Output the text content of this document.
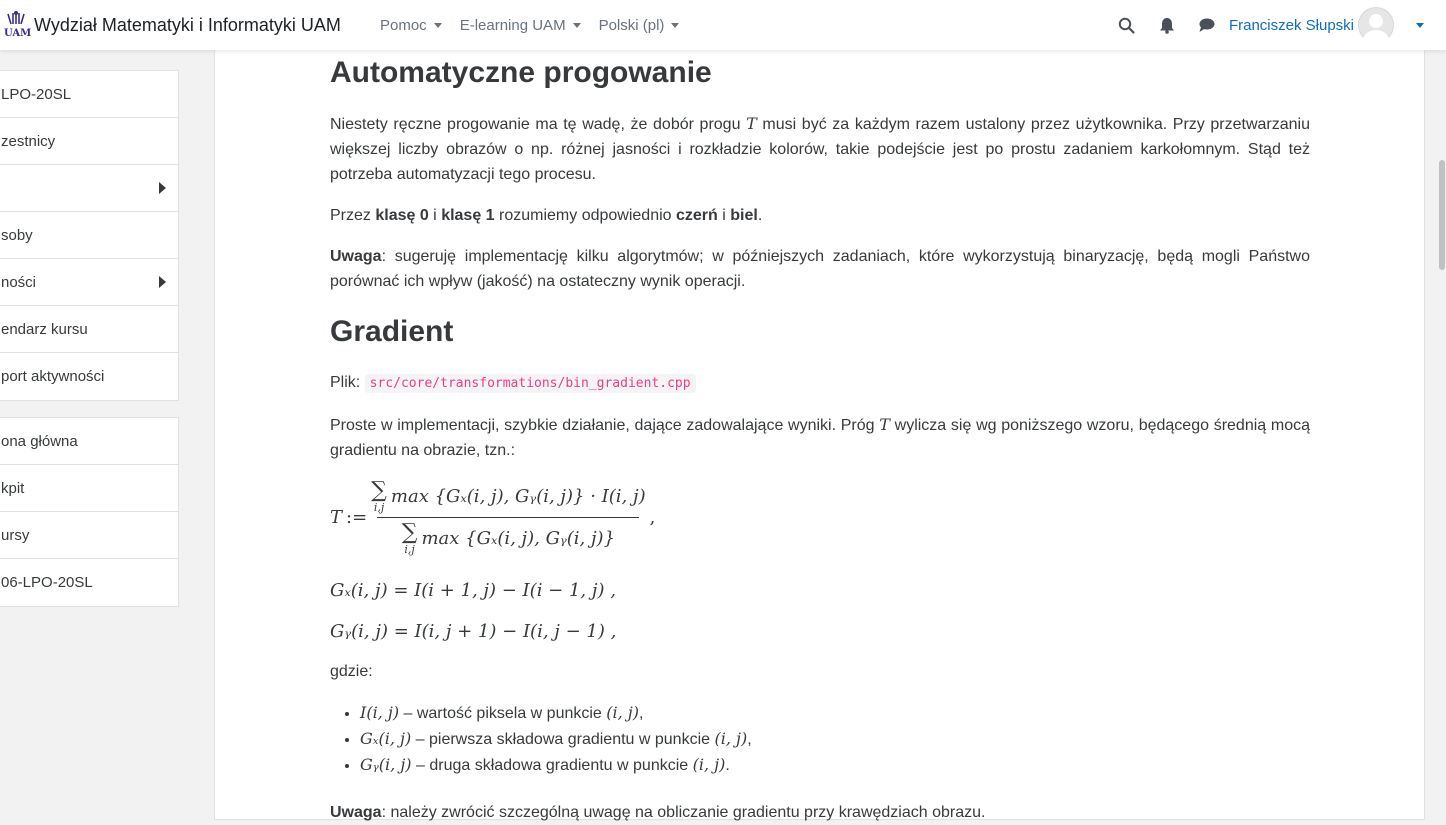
UAM Wydział Matematyki i Informatyki UAM	Pomoc E-learning UAM Polski (pl)	Franciszek Słupski
LPO-20SL
zestnicy
soby
ności
endarz kursu
port aktywności
ona główna
kpit
ursy
06-LPO-20SL
Automatyczne progowanie

Niestety ręczne progowanie ma tę wadę, że dobór progu T musi być za każdym razem ustalony przez użytkownika. Przy przetwarzaniu większej liczby obrazów o np. różnej jasności i rozkładzie kolorów, takie podejście jest po prostu zadaniem karkołomnym. Stąd też potrzeba automatyzacji tego procesu.

Przez klasę 0 i klasę 1 rozumiemy odpowiednio czerń i biel.

Uwaga: sugeruję implementację kilku algorytmów; w późniejszych zadaniach, które wykorzystują binaryzację, będą mogli Państwo porównać ich wpływ (jakość) na ostateczny wynik operacji.

Gradient

Plik: src/core/transformations/bin_gradient.cpp

Proste w implementacji, szybkie działanie, dające zadowalające wyniki. Próg T wylicza się wg poniższego wzoru, będącego średnią mocą gradientu na obrazie, tzn.:

T := ∑
i,j
max {Gₓ(i, j), Gᵧ(i, j)} · I(i, j)
∑
i,j
max {Gₓ(i, j), Gᵧ(i, j)} ,
Gₓ(i, j) = I(i + 1, j) − I(i − 1, j) ,
Gᵧ(i, j) = I(i, j + 1) − I(i, j − 1) ,

gdzie:

• I(i, j) – wartość piksela w punkcie (i, j),
• Gₓ(i, j) – pierwsza składowa gradientu w punkcie (i, j),
• Gᵧ(i, j) – druga składowa gradientu w punkcie (i, j).

Uwaga: należy zwrócić szczególną uwagę na obliczanie gradientu przy krawędziach obrazu.
